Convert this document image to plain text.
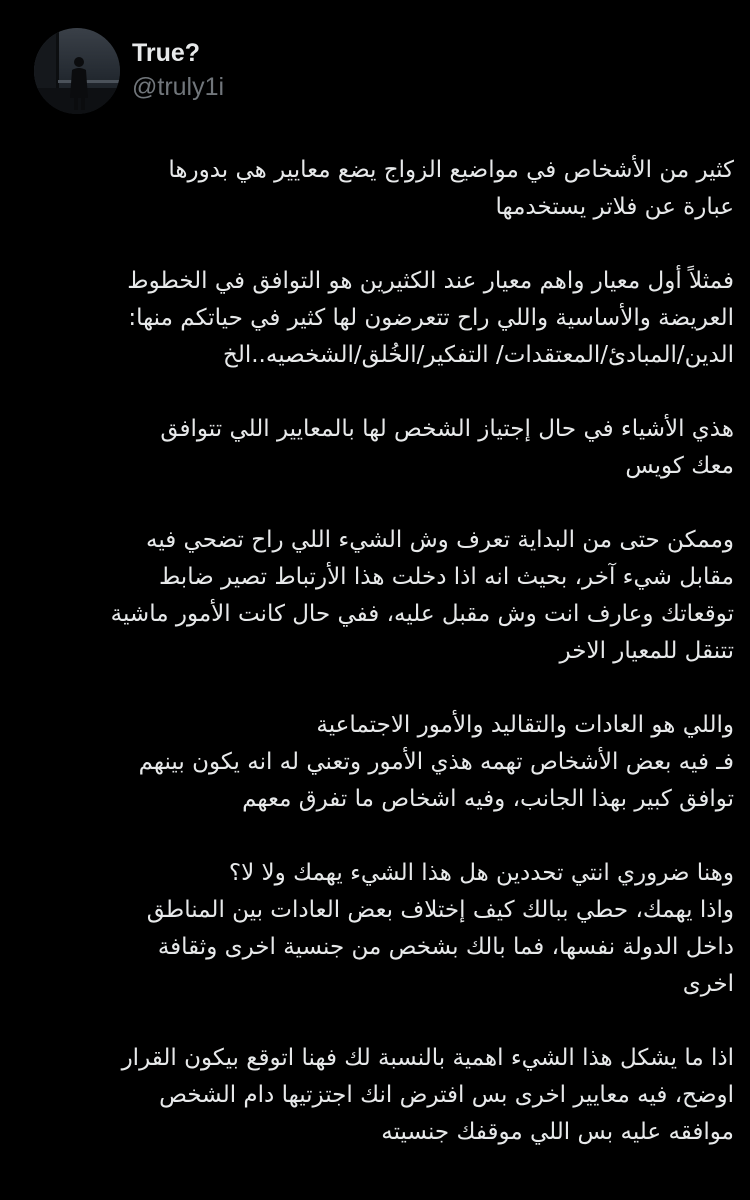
True?
@truly1i
كثير من الأشخاص في مواضيع الزواج يضع معايير هي بدورها
عبارة عن فلاتر يستخدمها
فمثلاً أول معيار واهم معيار عند الكثيرين هو التوافق في الخطوط
العريضة والأساسية واللي راح تتعرضون لها كثير في حياتكم منها:
الدين/المبادئ/المعتقدات/ التفكير/الخُلق/الشخصيه..الخ
هذي الأشياء في حال إجتياز الشخص لها بالمعايير اللي تتوافق
معك كويس
وممكن حتى من البداية تعرف وش الشيء اللي راح تضحي فيه
مقابل شيء آخر، بحيث انه اذا دخلت هذا الأرتباط تصير ضابط
توقعاتك وعارف انت وش مقبل عليه، ففي حال كانت الأمور ماشية
تتنقل للمعيار الاخر
واللي هو العادات والتقاليد والأمور الاجتماعية
فـ فيه بعض الأشخاص تهمه هذي الأمور وتعني له انه يكون بينهم
توافق كبير بهذا الجانب، وفيه اشخاص ما تفرق معهم
وهنا ضروري انتي تحددين هل هذا الشيء يهمك ولا لا؟
واذا يهمك، حطي ببالك كيف إختلاف بعض العادات بين المناطق
داخل الدولة نفسها، فما بالك بشخص من جنسية اخرى وثقافة
اخرى
اذا ما يشكل هذا الشيء اهمية بالنسبة لك فهنا اتوقع بيكون القرار
اوضح، فيه معايير اخرى بس افترض انك اجتزتيها دام الشخص
موافقه عليه بس اللي موقفك جنسيته
